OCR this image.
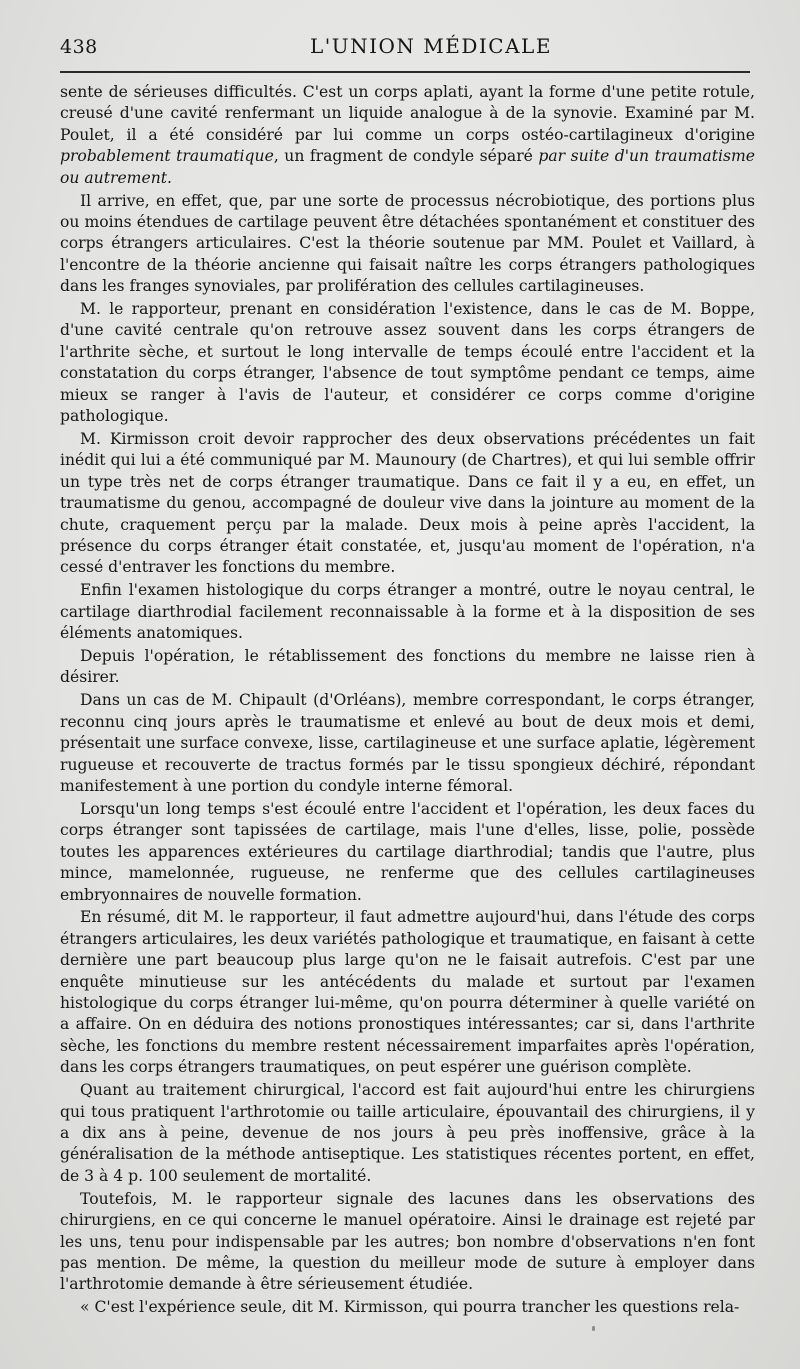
438	L'UNION MÉDICALE

sente de sérieuses difficultés. C'est un corps aplati, ayant la forme d'une petite rotule, creusé d'une cavité renfermant un liquide analogue à de la synovie. Examiné par M. Poulet, il a été considéré par lui comme un corps ostéo-cartilagineux d'origine probablement traumatique, un fragment de condyle séparé par suite d'un traumatisme ou autrement.

Il arrive, en effet, que, par une sorte de processus nécrobiotique, des portions plus ou moins étendues de cartilage peuvent être détachées spontanément et constituer des corps étrangers articulaires. C'est la théorie soutenue par MM. Poulet et Vaillard, à l'encontre de la théorie ancienne qui faisait naître les corps étrangers pathologiques dans les franges synoviales, par prolifération des cellules cartilagineuses.

M. le rapporteur, prenant en considération l'existence, dans le cas de M. Boppe, d'une cavité centrale qu'on retrouve assez souvent dans les corps étrangers de l'arthrite sèche, et surtout le long intervalle de temps écoulé entre l'accident et la constatation du corps étranger, l'absence de tout symptôme pendant ce temps, aime mieux se ranger à l'avis de l'auteur, et considérer ce corps comme d'origine pathologique.

M. Kirmisson croit devoir rapprocher des deux observations précédentes un fait inédit qui lui a été communiqué par M. Maunoury (de Chartres), et qui lui semble offrir un type très net de corps étranger traumatique. Dans ce fait il y a eu, en effet, un traumatisme du genou, accompagné de douleur vive dans la jointure au moment de la chute, craquement perçu par la malade. Deux mois à peine après l'accident, la présence du corps étranger était constatée, et, jusqu'au moment de l'opération, n'a cessé d'entraver les fonctions du membre.

Enfin l'examen histologique du corps étranger a montré, outre le noyau central, le cartilage diarthrodial facilement reconnaissable à la forme et à la disposition de ses éléments anatomiques.

Depuis l'opération, le rétablissement des fonctions du membre ne laisse rien à désirer.

Dans un cas de M. Chipault (d'Orléans), membre correspondant, le corps étranger, reconnu cinq jours après le traumatisme et enlevé au bout de deux mois et demi, présentait une surface convexe, lisse, cartilagineuse et une surface aplatie, légèrement rugueuse et recouverte de tractus formés par le tissu spongieux déchiré, répondant manifestement à une portion du condyle interne fémoral.

Lorsqu'un long temps s'est écoulé entre l'accident et l'opération, les deux faces du corps étranger sont tapissées de cartilage, mais l'une d'elles, lisse, polie, possède toutes les apparences extérieures du cartilage diarthrodial; tandis que l'autre, plus mince, mamelonnée, rugueuse, ne renferme que des cellules cartilagineuses embryonnaires de nouvelle formation.

En résumé, dit M. le rapporteur, il faut admettre aujourd'hui, dans l'étude des corps étrangers articulaires, les deux variétés pathologique et traumatique, en faisant à cette dernière une part beaucoup plus large qu'on ne le faisait autrefois. C'est par une enquête minutieuse sur les antécédents du malade et surtout par l'examen histologique du corps étranger lui-même, qu'on pourra déterminer à quelle variété on a affaire. On en déduira des notions pronostiques intéressantes; car si, dans l'arthrite sèche, les fonctions du membre restent nécessairement imparfaites après l'opération, dans les corps étrangers traumatiques, on peut espérer une guérison complète.

Quant au traitement chirurgical, l'accord est fait aujourd'hui entre les chirurgiens qui tous pratiquent l'arthrotomie ou taille articulaire, épouvantail des chirurgiens, il y a dix ans à peine, devenue de nos jours à peu près inoffensive, grâce à la généralisation de la méthode antiseptique. Les statistiques récentes portent, en effet, de 3 à 4 p. 100 seulement de mortalité.

Toutefois, M. le rapporteur signale des lacunes dans les observations des chirurgiens, en ce qui concerne le manuel opératoire. Ainsi le drainage est rejeté par les uns, tenu pour indispensable par les autres; bon nombre d'observations n'en font pas mention. De même, la question du meilleur mode de suture à employer dans l'arthrotomie demande à être sérieusement étudiée.

« C'est l'expérience seule, dit M. Kirmisson, qui pourra trancher les questions rela-
